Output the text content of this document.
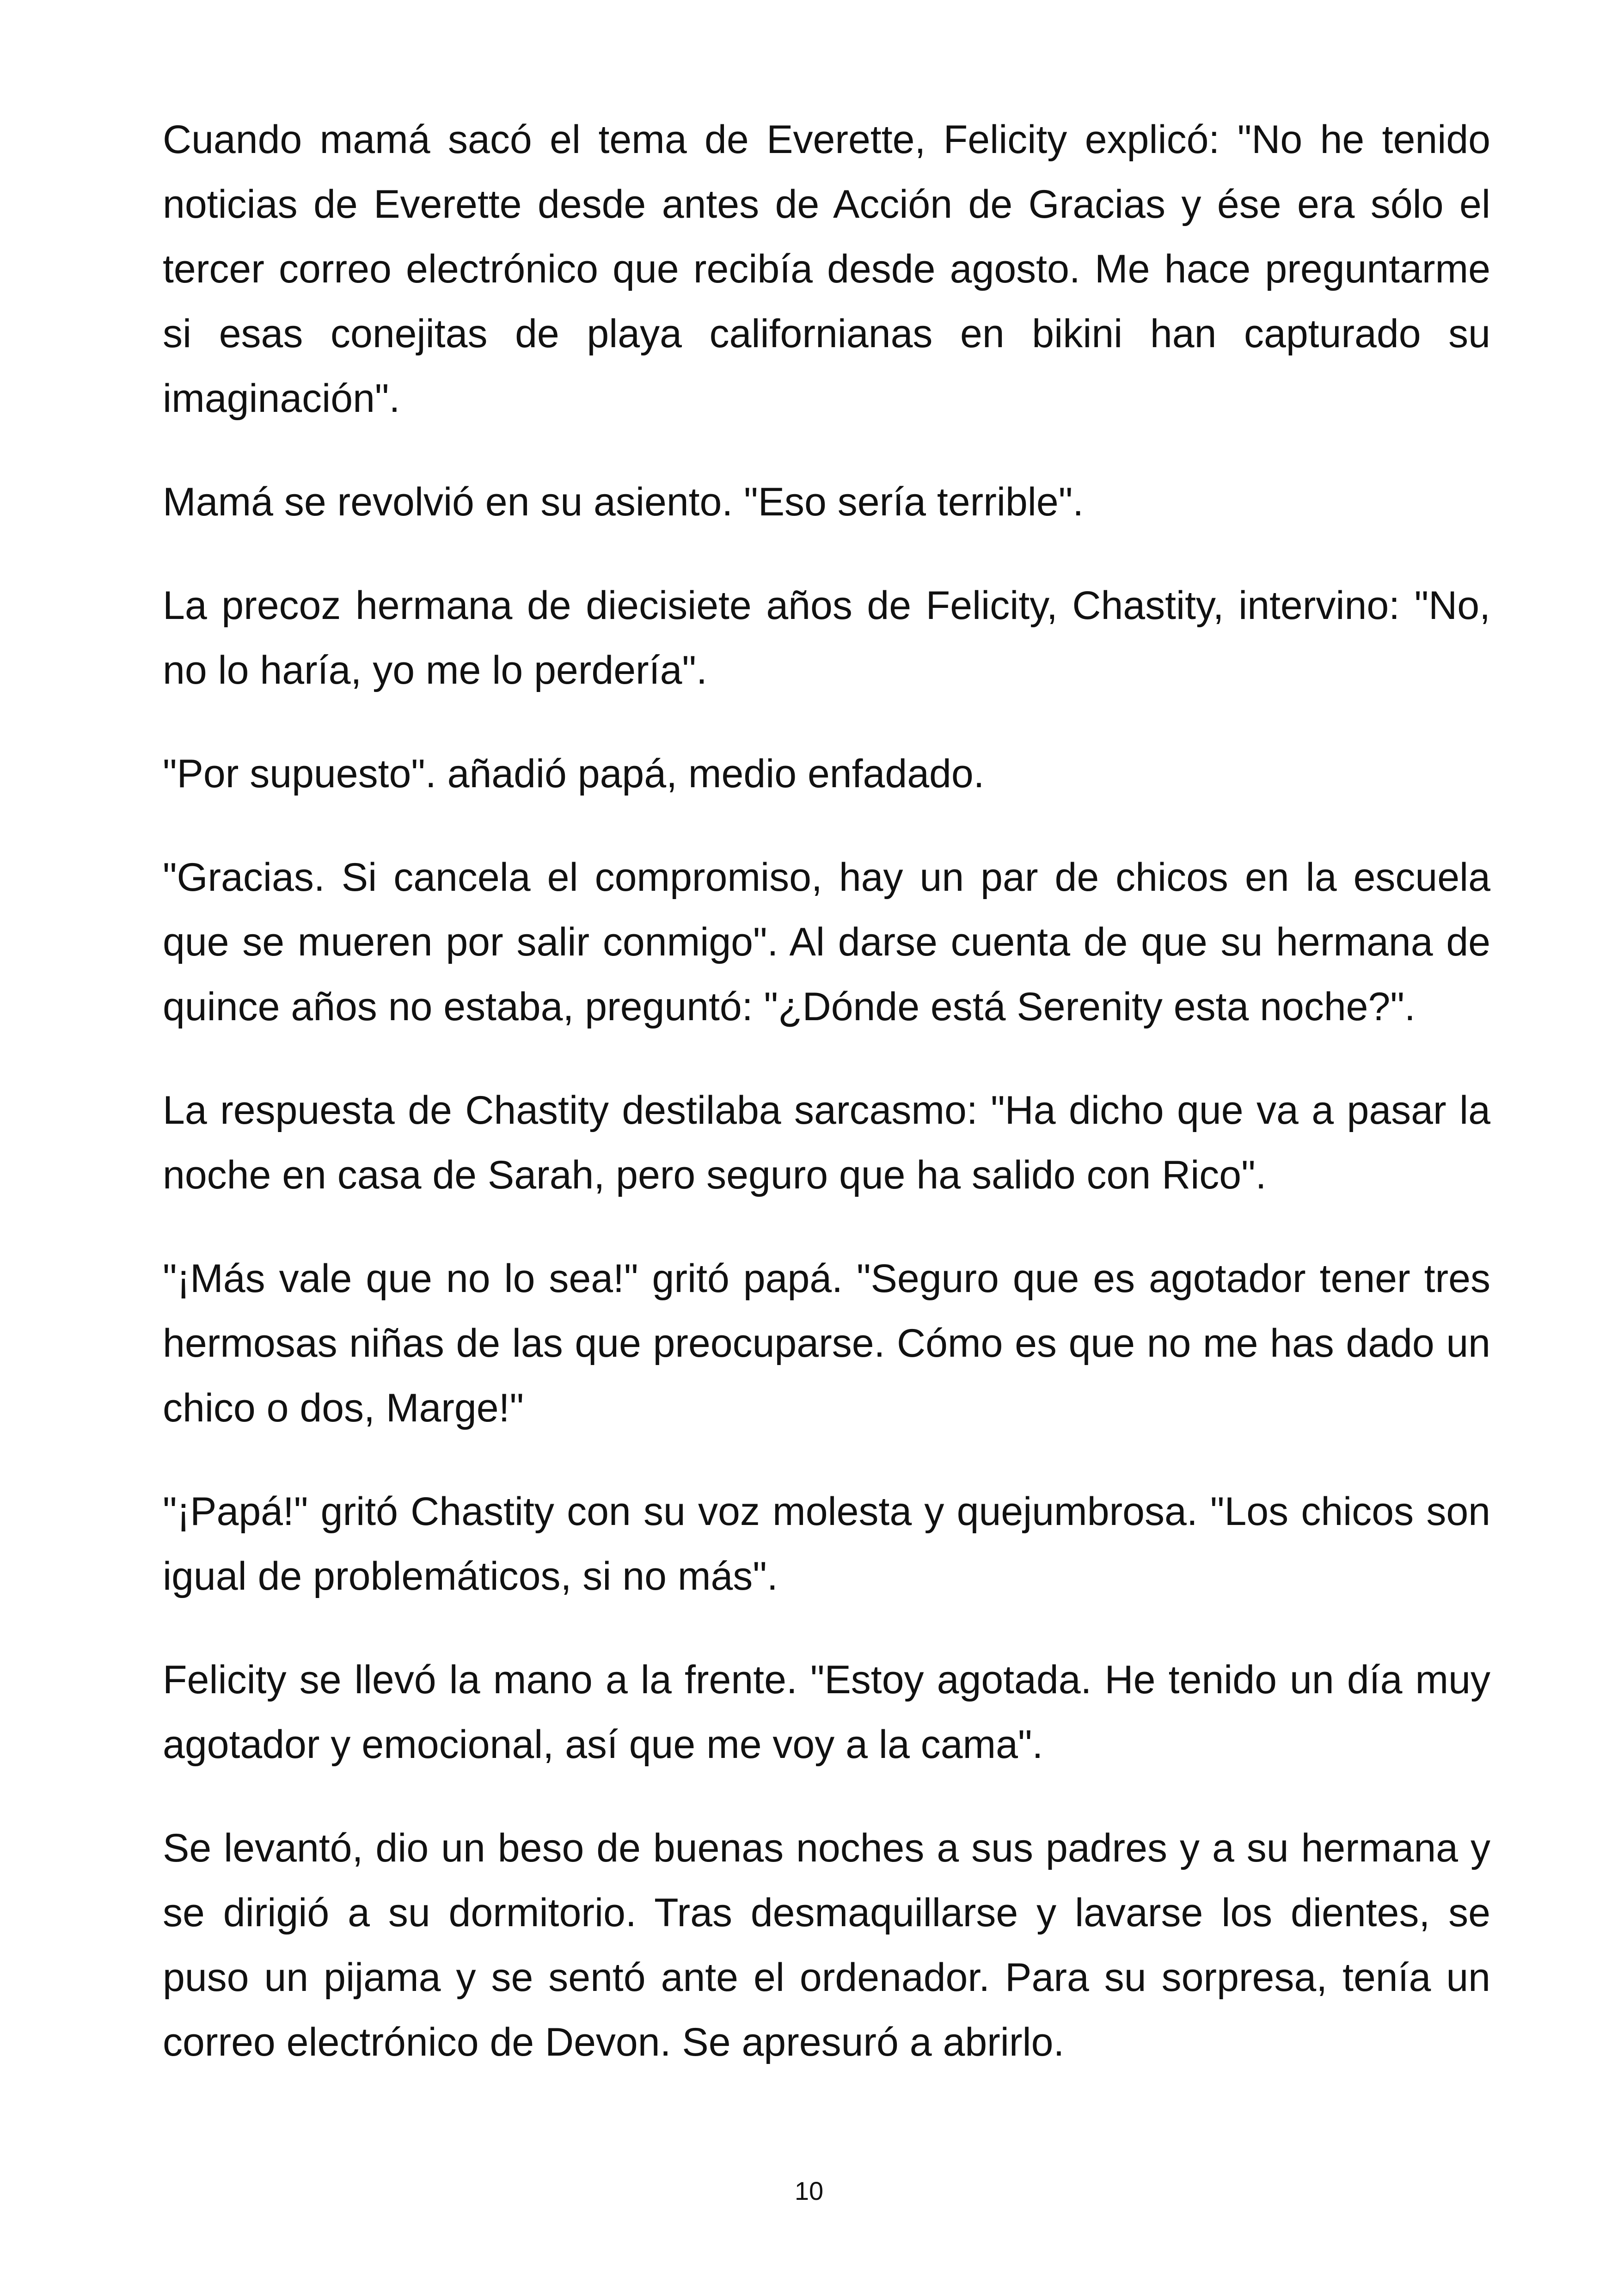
Cuando mamá sacó el tema de Everette, Felicity explicó: "No he tenido noticias de Everette desde antes de Acción de Gracias y ése era sólo el tercer correo electrónico que recibía desde agosto. Me hace preguntarme si esas conejitas de playa californianas en bikini han capturado su imaginación".

Mamá se revolvió en su asiento. "Eso sería terrible".

La precoz hermana de diecisiete años de Felicity, Chastity, intervino: "No, no lo haría, yo me lo perdería".

"Por supuesto". añadió papá, medio enfadado.

"Gracias. Si cancela el compromiso, hay un par de chicos en la escuela que se mueren por salir conmigo". Al darse cuenta de que su hermana de quince años no estaba, preguntó: "¿Dónde está Serenity esta noche?".

La respuesta de Chastity destilaba sarcasmo: "Ha dicho que va a pasar la noche en casa de Sarah, pero seguro que ha salido con Rico".

"¡Más vale que no lo sea!" gritó papá. "Seguro que es agotador tener tres hermosas niñas de las que preocuparse. Cómo es que no me has dado un chico o dos, Marge!"

"¡Papá!" gritó Chastity con su voz molesta y quejumbrosa. "Los chicos son igual de problemáticos, si no más".

Felicity se llevó la mano a la frente. "Estoy agotada. He tenido un día muy agotador y emocional, así que me voy a la cama".

Se levantó, dio un beso de buenas noches a sus padres y a su hermana y se dirigió a su dormitorio. Tras desmaquillarse y lavarse los dientes, se puso un pijama y se sentó ante el ordenador. Para su sorpresa, tenía un correo electrónico de Devon. Se apresuró a abrirlo.

10
